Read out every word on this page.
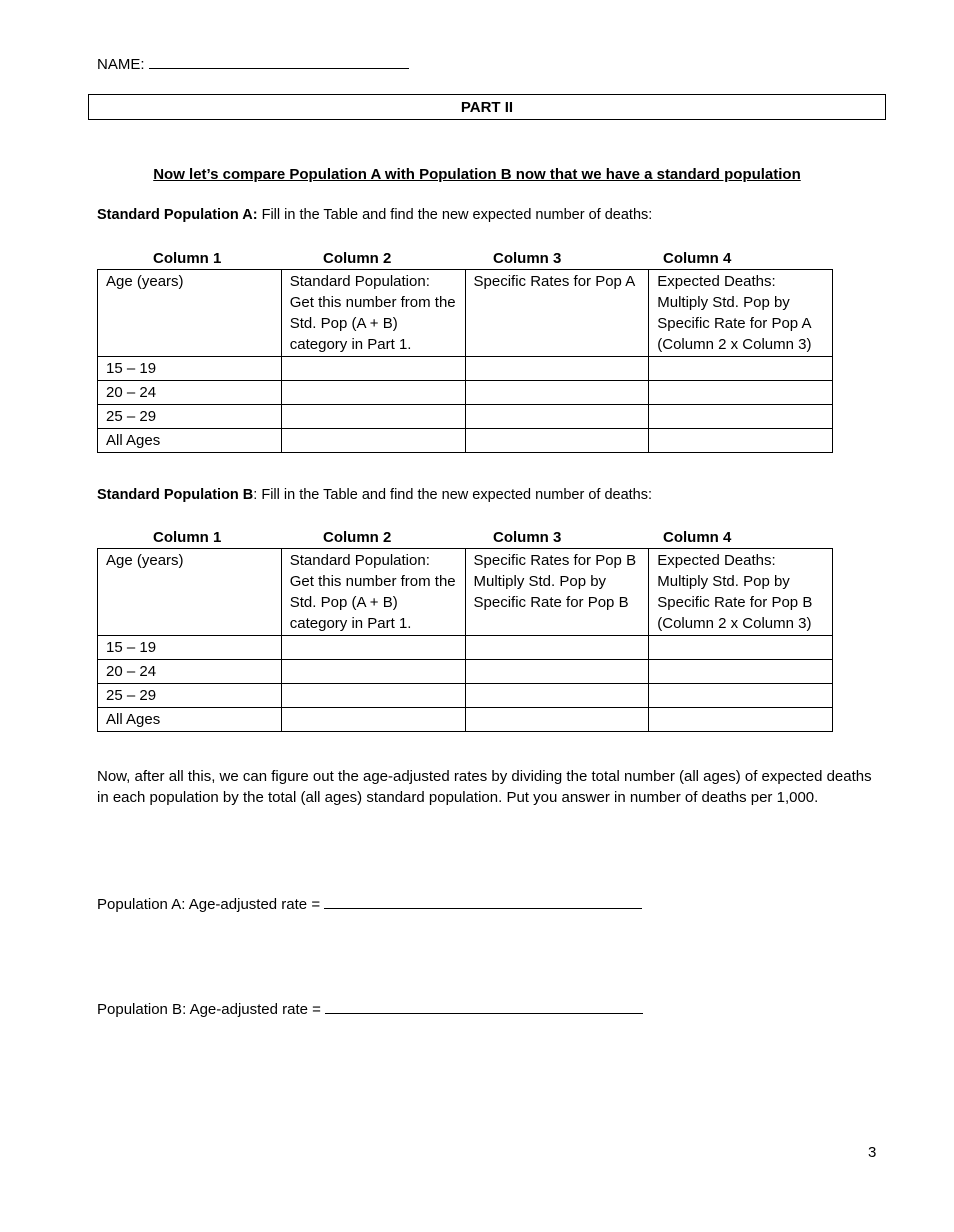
NAME:
PART II
Now let’s compare Population A with Population B now that we have a standard population
Standard Population A: Fill in the Table and find the new expected number of deaths:
Column 1	Column 2	Column 3	Column 4
Age (years)	Standard Population: Get this number from the Std. Pop (A + B) category in Part 1.	Specific Rates for Pop A	Expected Deaths: Multiply Std. Pop by Specific Rate for Pop A (Column 2 x Column 3)
15 – 19			
20 – 24			
25 – 29			
All Ages			
Standard Population B: Fill in the Table and find the new expected number of deaths:
Column 1	Column 2	Column 3	Column 4
Age (years)	Standard Population: Get this number from the Std. Pop (A + B) category in Part 1.	Specific Rates for Pop B Multiply Std. Pop by Specific Rate for Pop B	Expected Deaths: Multiply Std. Pop by Specific Rate for Pop B (Column 2 x Column 3)
15 – 19			
20 – 24			
25 – 29			
All Ages			
Now, after all this, we can figure out the age-adjusted rates by dividing the total number (all ages) of expected deaths in each population by the total (all ages) standard population. Put you answer in number of deaths per 1,000.
Population A: Age-adjusted rate =
Population B: Age-adjusted rate =
3
